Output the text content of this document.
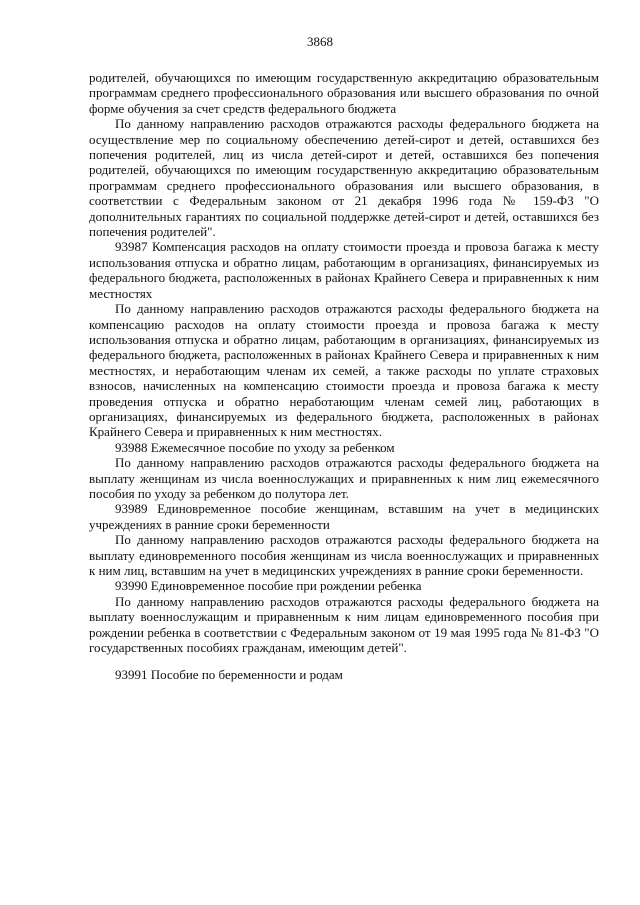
3868

родителей, обучающихся по имеющим государственную аккредитацию образовательным программам среднего профессионального образования или высшего образования по очной форме обучения за счет средств федерального бюджета

По данному направлению расходов отражаются расходы федерального бюджета на осуществление мер по социальному обеспечению детей-сирот и детей, оставшихся без попечения родителей, лиц из числа детей-сирот и детей, оставшихся без попечения родителей, обучающихся по имеющим государственную аккредитацию образовательным программам среднего профессионального образования или высшего образования, в соответствии с Федеральным законом от 21 декабря 1996 года № 159-ФЗ "О дополнительных гарантиях по социальной поддержке детей-сирот и детей, оставшихся без попечения родителей".

93987 Компенсация расходов на оплату стоимости проезда и провоза багажа к месту использования отпуска и обратно лицам, работающим в организациях, финансируемых из федерального бюджета, расположенных в районах Крайнего Севера и приравненных к ним местностях

По данному направлению расходов отражаются расходы федерального бюджета на компенсацию расходов на оплату стоимости проезда и провоза багажа к месту использования отпуска и обратно лицам, работающим в организациях, финансируемых из федерального бюджета, расположенных в районах Крайнего Севера и приравненных к ним местностях, и неработающим членам их семей, а также расходы по уплате страховых взносов, начисленных на компенсацию стоимости проезда и провоза багажа к месту проведения отпуска и обратно неработающим членам семей лиц, работающих в организациях, финансируемых из федерального бюджета, расположенных в районах Крайнего Севера и приравненных к ним местностях.

93988 Ежемесячное пособие по уходу за ребенком

По данному направлению расходов отражаются расходы федерального бюджета на выплату женщинам из числа военнослужащих и приравненных к ним лиц ежемесячного пособия по уходу за ребенком до полутора лет.

93989 Единовременное пособие женщинам, вставшим на учет в медицинских учреждениях в ранние сроки беременности

По данному направлению расходов отражаются расходы федерального бюджета на выплату единовременного пособия женщинам из числа военнослужащих и приравненных к ним лиц, вставшим на учет в медицинских учреждениях в ранние сроки беременности.

93990 Единовременное пособие при рождении ребенка

По данному направлению расходов отражаются расходы федерального бюджета на выплату военнослужащим и приравненным к ним лицам единовременного пособия при рождении ребенка в соответствии с Федеральным законом от 19 мая 1995 года № 81-ФЗ "О государственных пособиях гражданам, имеющим детей".

93991 Пособие по беременности и родам
